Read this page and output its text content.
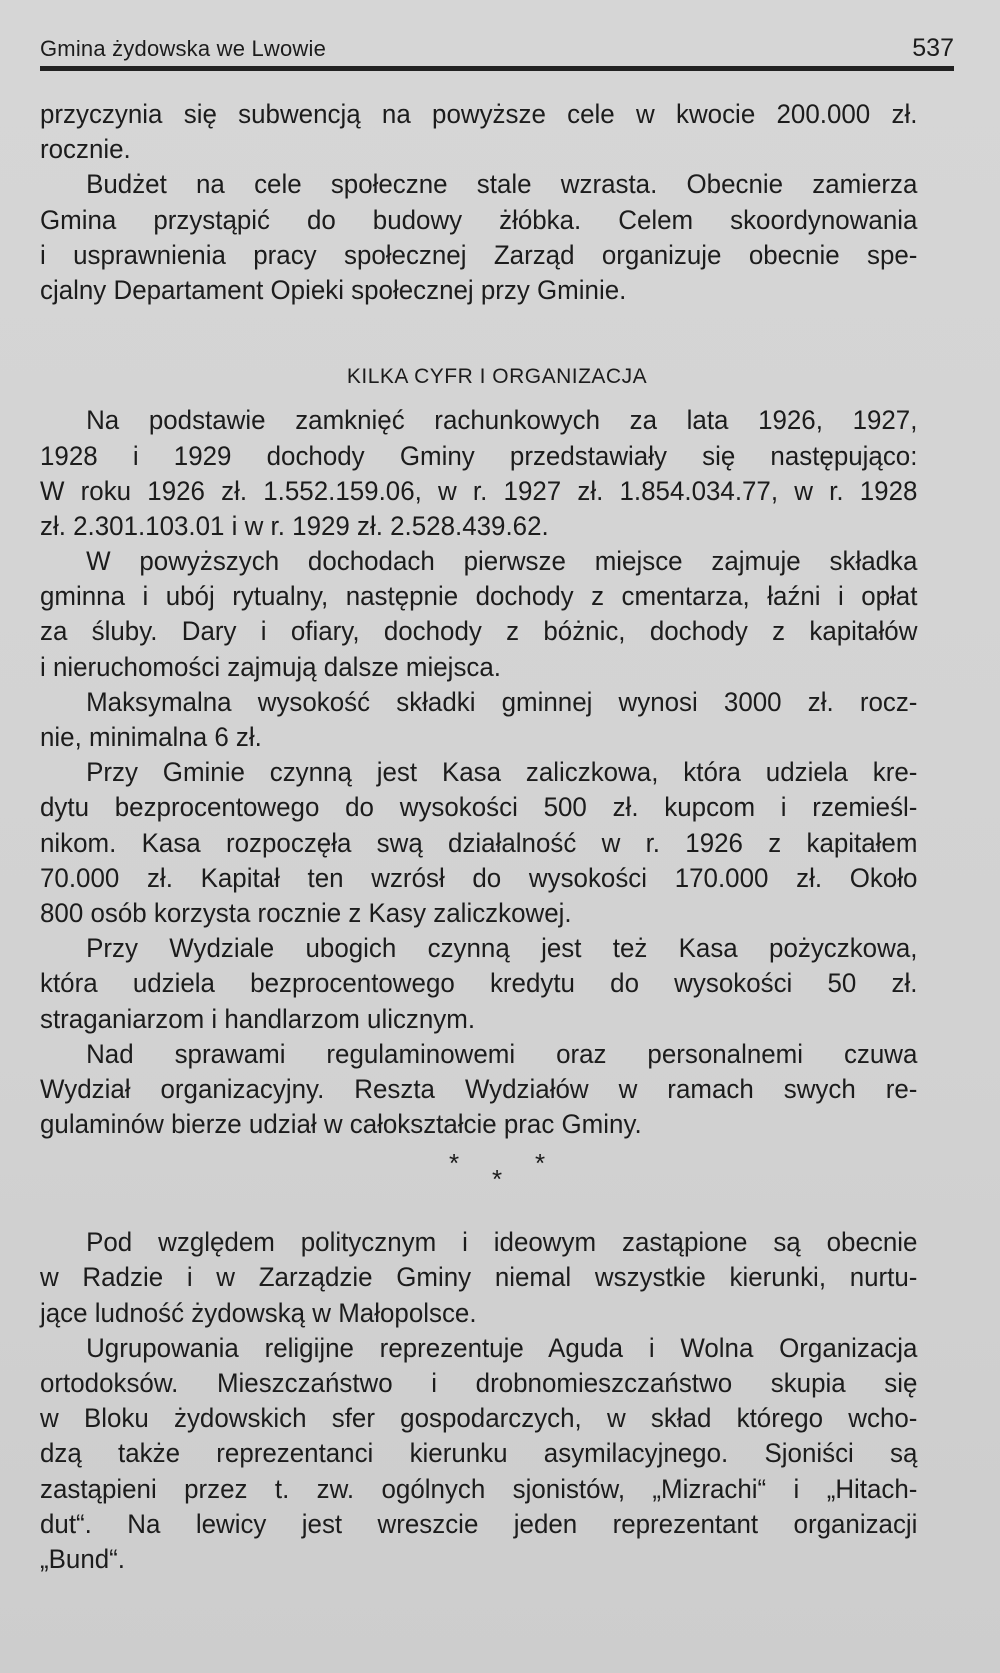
Gmina żydowska we Lwowie	537
przyczynia się subwencją na powyższe cele w kwocie 200.000 zł.
rocznie.
Budżet na cele społeczne stale wzrasta. Obecnie zamierza
Gmina przystąpić do budowy żłóbka. Celem skoordynowania
i usprawnienia pracy społecznej Zarząd organizuje obecnie spe-
cjalny Departament Opieki społecznej przy Gminie.
KILKA CYFR I ORGANIZACJA
Na podstawie zamknięć rachunkowych za lata 1926, 1927,
1928 i 1929 dochody Gminy przedstawiały się następująco:
W roku 1926 zł. 1.552.159.06, w r. 1927 zł. 1.854.034.77, w r. 1928
zł. 2.301.103.01 i w r. 1929 zł. 2.528.439.62.
W powyższych dochodach pierwsze miejsce zajmuje składka
gminna i ubój rytualny, następnie dochody z cmentarza, łaźni i opłat
za śluby. Dary i ofiary, dochody z bóżnic, dochody z kapitałów
i nieruchomości zajmują dalsze miejsca.
Maksymalna wysokość składki gminnej wynosi 3000 zł. rocz-
nie, minimalna 6 zł.
Przy Gminie czynną jest Kasa zaliczkowa, która udziela kre-
dytu bezprocentowego do wysokości 500 zł. kupcom i rzemieśl-
nikom. Kasa rozpoczęła swą działalność w r. 1926 z kapitałem
70.000 zł. Kapitał ten wzrósł do wysokości 170.000 zł. Około
800 osób korzysta rocznie z Kasy zaliczkowej.
Przy Wydziale ubogich czynną jest też Kasa pożyczkowa,
która udziela bezprocentowego kredytu do wysokości 50 zł.
straganiarzom i handlarzom ulicznym.
Nad sprawami regulaminowemi oraz personalnemi czuwa
Wydział organizacyjny. Reszta Wydziałów w ramach swych re-
gulaminów bierze udział w całokształcie prac Gminy.
*	*
*
Pod względem politycznym i ideowym zastąpione są obecnie
w Radzie i w Zarządzie Gminy niemal wszystkie kierunki, nurtu-
jące ludność żydowską w Małopolsce.
Ugrupowania religijne reprezentuje Aguda i Wolna Organizacja
ortodoksów. Mieszczaństwo i drobnomieszczaństwo skupia się
w Bloku żydowskich sfer gospodarczych, w skład którego wcho-
dzą także reprezentanci kierunku asymilacyjnego. Sjoniści są
zastąpieni przez t. zw. ogólnych sjonistów, „Mizrachi“ i „Hitach-
dut“. Na lewicy jest wreszcie jeden reprezentant organizacji
„Bund“.
